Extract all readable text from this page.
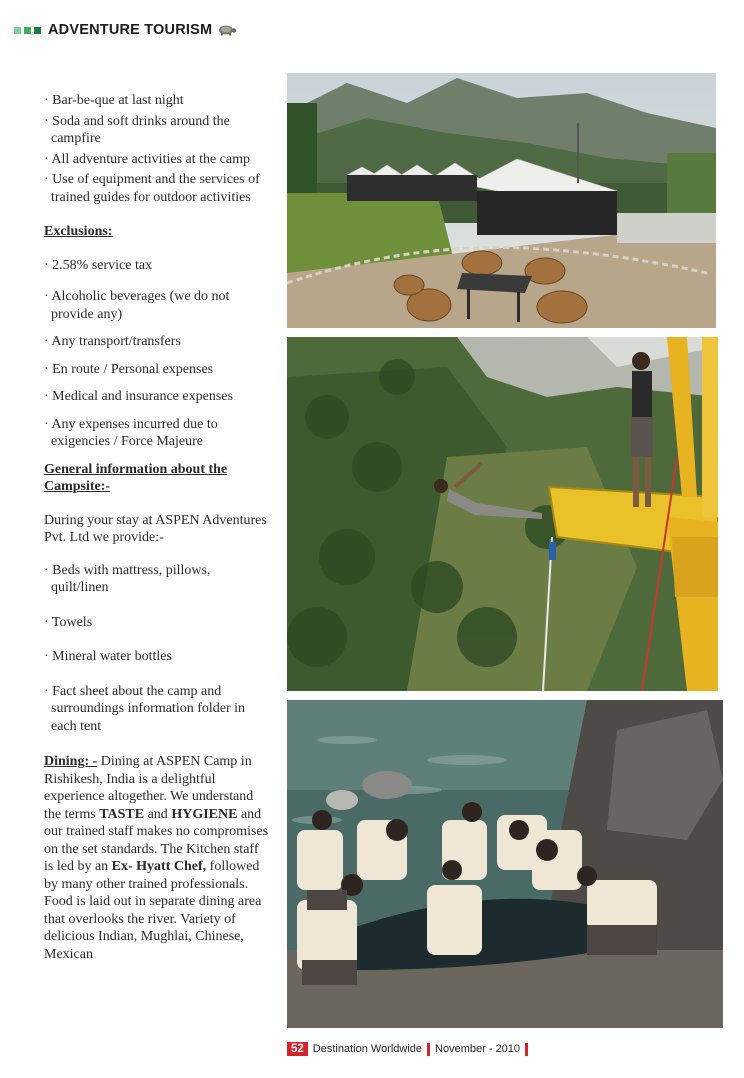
ADVENTURE TOURISM
· Bar-be-que at last night
· Soda and soft drinks around the campfire
· All adventure activities at the camp
· Use of equipment and the services of trained guides for outdoor activities
Exclusions:
· 2.58% service tax
· Alcoholic beverages (we do not provide any)
· Any transport/transfers
· En route / Personal expenses
· Medical and insurance expenses
· Any expenses incurred due to exigencies / Force Majeure
General information about the Campsite:-
During your stay at ASPEN Adventures Pvt. Ltd we provide:-
· Beds with mattress, pillows, quilt/linen
· Towels
· Mineral water bottles
· Fact sheet about the camp and surroundings information folder in each tent
Dining: - Dining at ASPEN Camp in Rishikesh, India is a delightful experience altogether. We understand the terms TASTE and HYGIENE and our trained staff makes no compromises on the set standards. The Kitchen staff is led by an Ex- Hyatt Chef, followed by many other trained professionals. Food is laid out in separate dining area that overlooks the river. Variety of delicious Indian, Mughlai, Chinese, Mexican
52 Destination Worldwide November - 2010
